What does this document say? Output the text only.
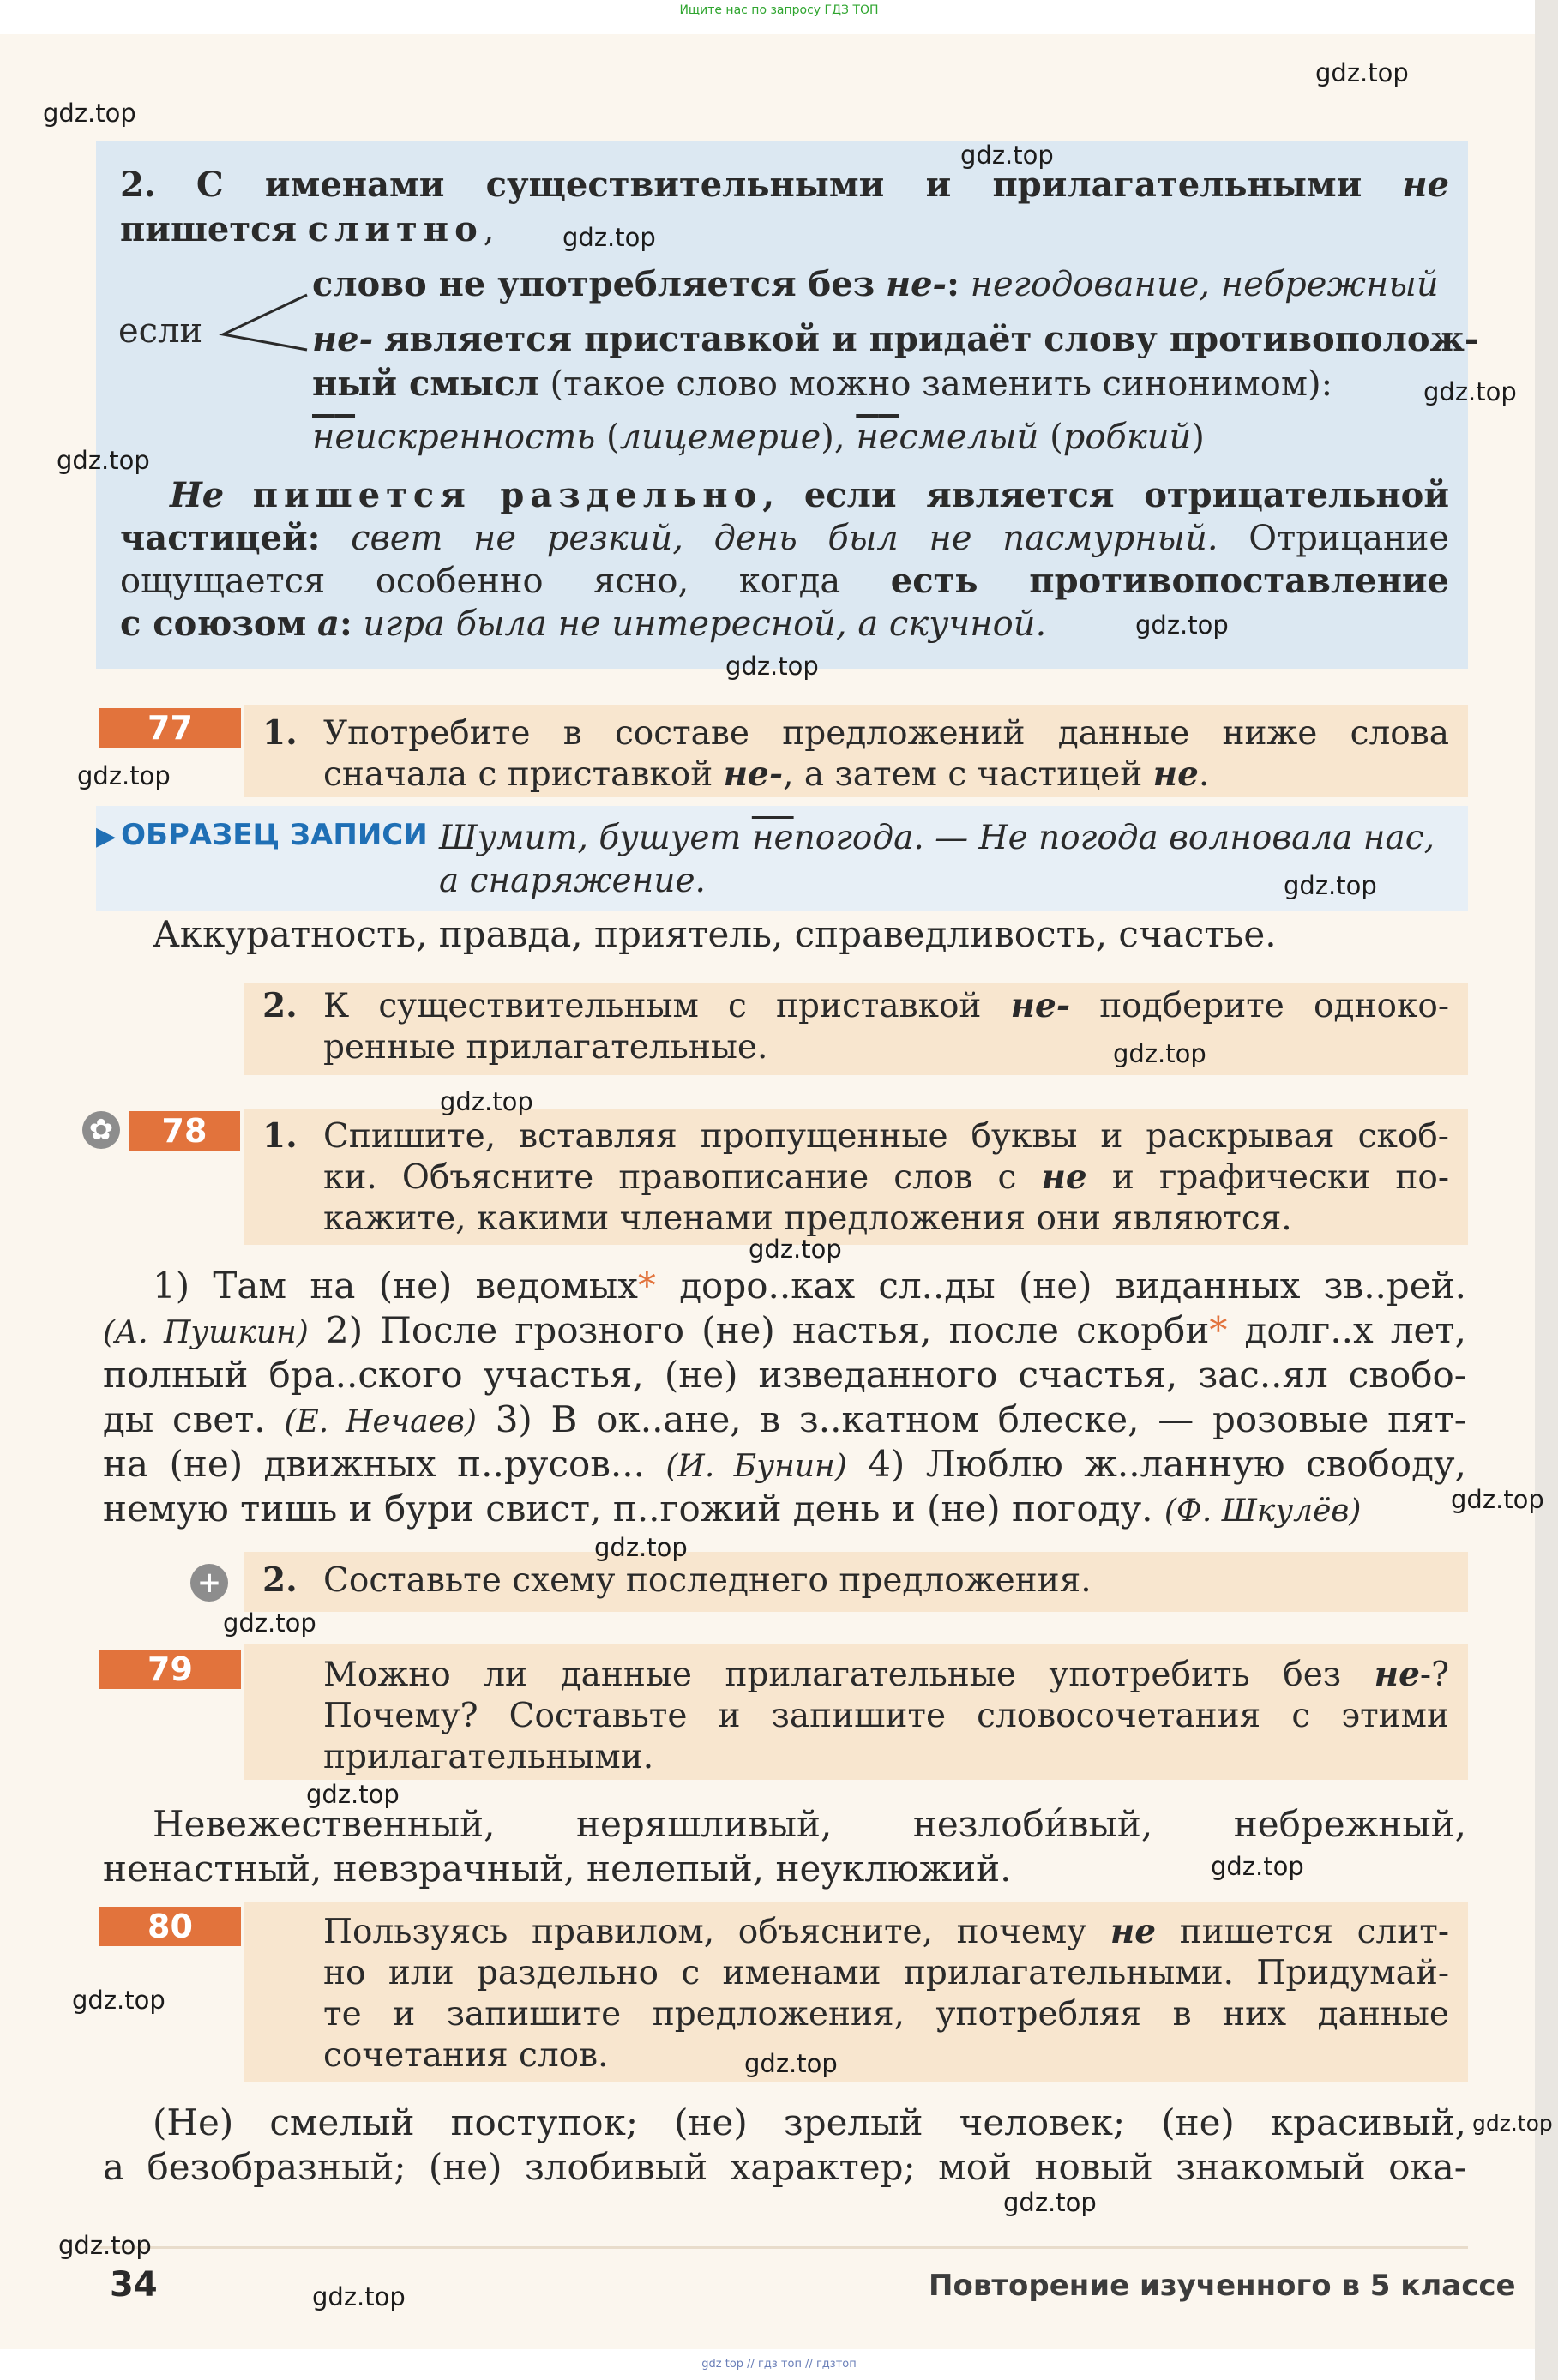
Ищите нас по запросу ГДЗ ТОП
2. С именами существительными и прилагательными не
пишется слитно,
если
слово не употребляется без не-: негодование, небрежный
не- является приставкой и придаёт слову противополож-
ный смысл (такое слово можно заменить синонимом):
неискренность (лицемерие), несмелый (робкий)
Не пишется раздельно, если является отрицательной
частицей: свет не резкий, день был не пасмурный. Отрицание
ощущается особенно ясно, когда есть противопоставление
с союзом а: игра была не интересной, а скучной.
77	1. Употребите в составе предложений данные ниже слова
сначала с приставкой не-, а затем с частицей не.
▶ ОБРАЗЕЦ ЗАПИСИ Шумит, бушует непогода. — Не погода волновала нас,
а снаряжение.
Аккуратность, правда, приятель, справедливость, счастье.
2. К существительным с приставкой не- подберите одноко-
ренные прилагательные.
✿	78	1. Спишите, вставляя пропущенные буквы и раскрывая скоб-
ки. Объясните правописание слов с не и графически по-
кажите, какими членами предложения они являются.
1) Там на (не) ведомых* доро..ках сл..ды (не) виданных зв..рей.
(А. Пушкин) 2) После грозного (не) настья, после скорби* долг..х лет,
полный бра..ского участья, (не) изведанного счастья, зас..ял свобо-
ды свет. (Е. Нечаев) 3) В ок..ане, в з..катном блеске, — розовые пят-
на (не) движных п..русов... (И. Бунин) 4) Люблю ж..ланную свободу,
немую тишь и бури свист, п..гожий день и (не) погоду. (Ф. Шкулёв)
+ 2. Составьте схему последнего предложения.
79	Можно ли данные прилагательные употребить без не-?
Почему? Составьте и запишите словосочетания с этими
прилагательными.
Невежественный, неряшливый, незлоби́вый, небрежный,
ненастный, невзрачный, нелепый, неуклюжий.
80	Пользуясь правилом, объясните, почему не пишется слит-
но или раздельно с именами прилагательными. Придумай-
те и запишите предложения, употребляя в них данные
сочетания слов.
(Не) смелый поступок; (не) зрелый человек; (не) красивый,
а безобразный; (не) злобивый характер; мой новый знакомый ока-
34	Повторение изученного в 5 классе
gdz.top
gdz.top
gdz.top
gdz.top
gdz.top
gdz.top
gdz.top
gdz.top
gdz.top
gdz.top
gdz.top
gdz.top
gdz.top
gdz.top
gdz.top
gdz.top
gdz.top
gdz.top
gdz.top
gdz.top
gdz.top
gdz.top
gdz.top
gdz.top
gdz top // гдз топ // гдзтоп
